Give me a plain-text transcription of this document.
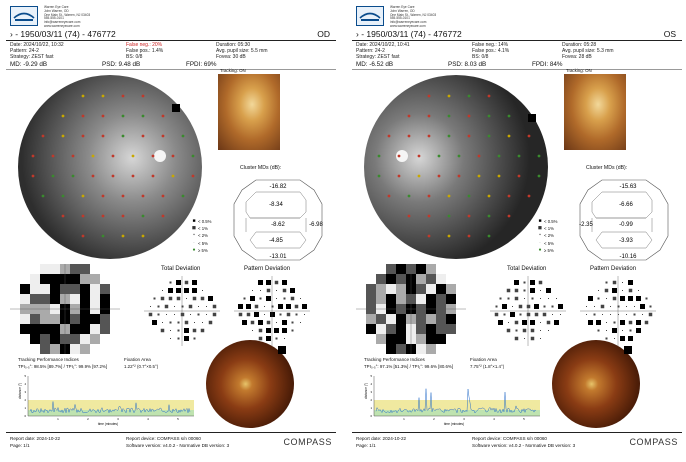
Warren Eye Care
John Warren, OD
One Main St., Warren, NJ 03403
555-555-0101
info@warreneyecare.com
www.warreneyecare.com
› - 1950/03/11 (74) - 476772	OD
Date: 2024/10/22, 10:32
Pattern: 24-2
Strategy: ZEST fast
False neg.: 20%
False pos.: 1.4%
BS: 0/8
Duration: 05:30
Avg. pupil size: 5.5 mm
Fovea: 30 dB
MD: -9.29 dB	PSD: 9.48 dB	FPDI: 69%
Tracking: ON
■ < 0.5%
◼ < 1%
▪ < 2%
· < 5%
● ≥ 5%
Cluster MDs (dB):
-16.82
-8.34
-8.62	-6.98
-4.85
-13.01
Total Deviation	Pattern Deviation
Tracking Performance Indices
TPI₀.₅°: 98.5% [89.7%] / TPI₁°: 99.9% [97.2%]
Fixation Area
1.22°² (0.7°×0.5°)
distance (°)
time (minutes)
1	2	3	4	5
5
4
3
2
1
0
Report date: 2024-10-22
Page: 1/1
Report device: COMPASS s/n 00060
Software version: v4.0.2 - Normative DB version: 3	COMPASS
Warren Eye Care
John Warren, OD
One Main St., Warren, NJ 03403
555-555-0101
info@warreneyecare.com
www.warreneyecare.com
› - 1950/03/11 (74) - 476772	OS
Date: 2024/10/22, 10:41
Pattern: 24-2
Strategy: ZEST fast
False neg.: 14%
False pos.: 4.1%
BS: 0/8
Duration: 05:28
Avg. pupil size: 5.3 mm
Fovea: 28 dB
MD: -6.52 dB	PSD: 8.03 dB	FPDI: 84%
Tracking: ON
■ < 0.5%
◼ < 1%
▪ < 2%
· < 5%
● ≥ 5%
Cluster MDs (dB):
-15.63
-6.66
-0.99
-2.35
-3.93
-10.16
Total Deviation	Pattern Deviation
Tracking Performance Indices
TPI₀.₅°: 97.1% [51.3%] / TPI₁°: 99.6% [80.6%]
Fixation Area
7.75°² (1.8°×1.4°)
distance (°)
time (minutes)
1	2	3	4	5
5
4
3
2
1
0
Report date: 2024-10-22
Page: 1/1
Report device: COMPASS s/n 00060
Software version: v4.0.2 - Normative DB version: 3	COMPASS
